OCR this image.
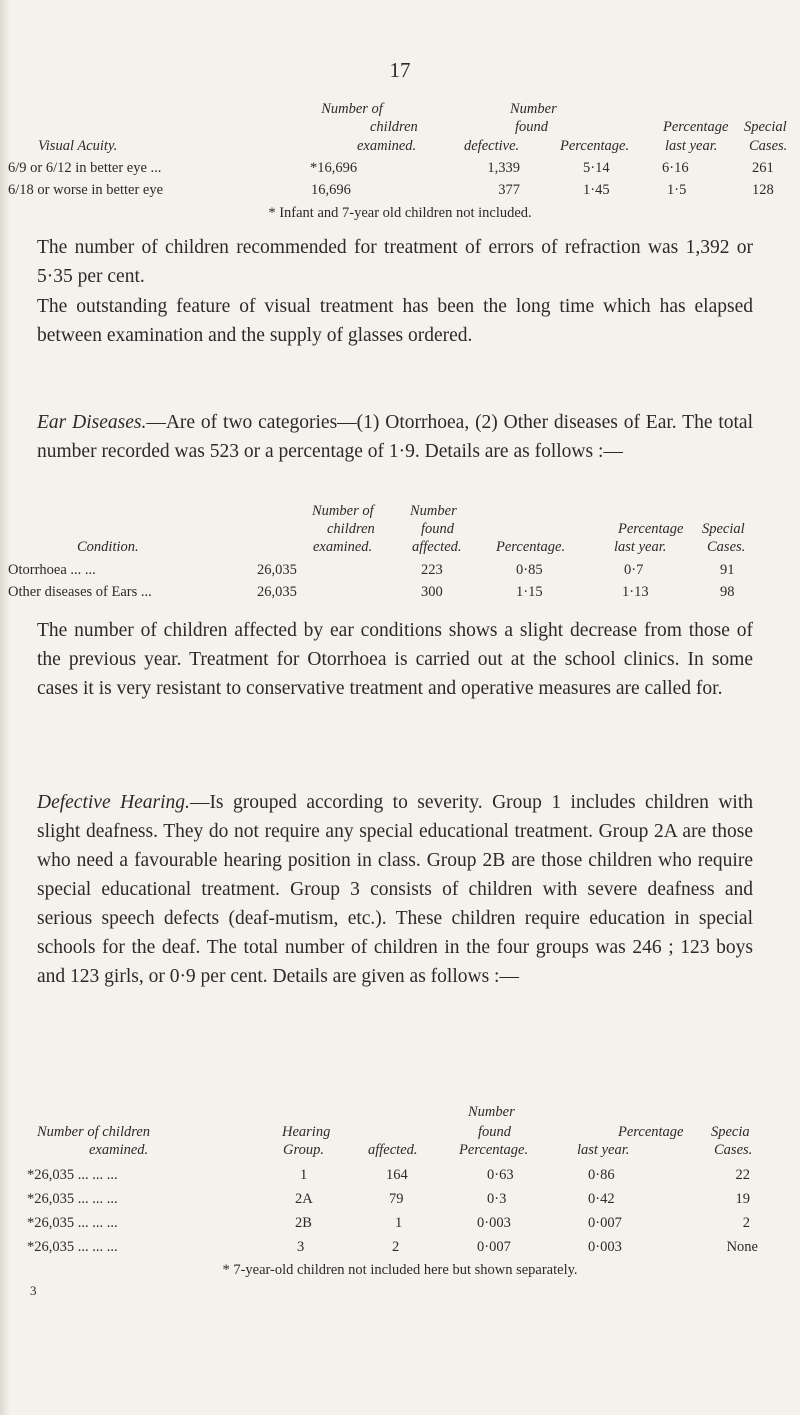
17
Number of	Number
children	found	Percentage Special
Visual Acuity.	examined.	defective.	Percentage. last year. Cases.
6/9 or 6/12 in better eye ...	*16,696	1,339	5·14	6·16	261
6/18 or worse in better eye	16,696	377	1·45	1·5	128
* Infant and 7-year old children not included.

The number of children recommended for treatment of errors of refraction was 1,392 or 5·35 per cent.

The outstanding feature of visual treatment has been the long time which has elapsed between examination and the supply of glasses ordered.

Ear Diseases.—Are of two categories—(1) Otorrhoea, (2) Other diseases of Ear. The total number recorded was 523 or a percentage of 1·9. Details are as follows :—

Number of	Number
children	found	Percentage Special
Condition.	examined.	affected. Percentage.	last year.	Cases.
Otorrhoea ... ...	26,035	223	0·85	0·7	91
Other diseases of Ears ...	26,035	300	1·15	1·13	98

The number of children affected by ear conditions shows a slight decrease from those of the previous year. Treatment for Otorrhoea is carried out at the school clinics. In some cases it is very resistant to conservative treatment and operative measures are called for.

Defective Hearing.—Is grouped according to severity. Group 1 includes children with slight deafness. They do not require any special educational treatment. Group 2A are those who need a favourable hearing position in class. Group 2B are those children who require special educational treatment. Group 3 consists of children with severe deafness and serious speech defects (deaf-mutism, etc.). These children require education in special schools for the deaf. The total number of children in the four groups was 246 ; 123 boys and 123 girls, or 0·9 per cent. Details are given as follows :—

Number
Number of children	Hearing	found	Percentage Specia
examined.	Group.	affected.	Percentage.	last year.	Cases.
*26,035 ... ... ...	1	164	0·63	0·86	22
*26,035 ... ... ...	2A	79	0·3	0·42	19
*26,035 ... ... ...	2B	1	0·003	0·007	2
*26,035 ... ... ...	3	2	0·007	0·003	None
* 7-year-old children not included here but shown separately.
3
